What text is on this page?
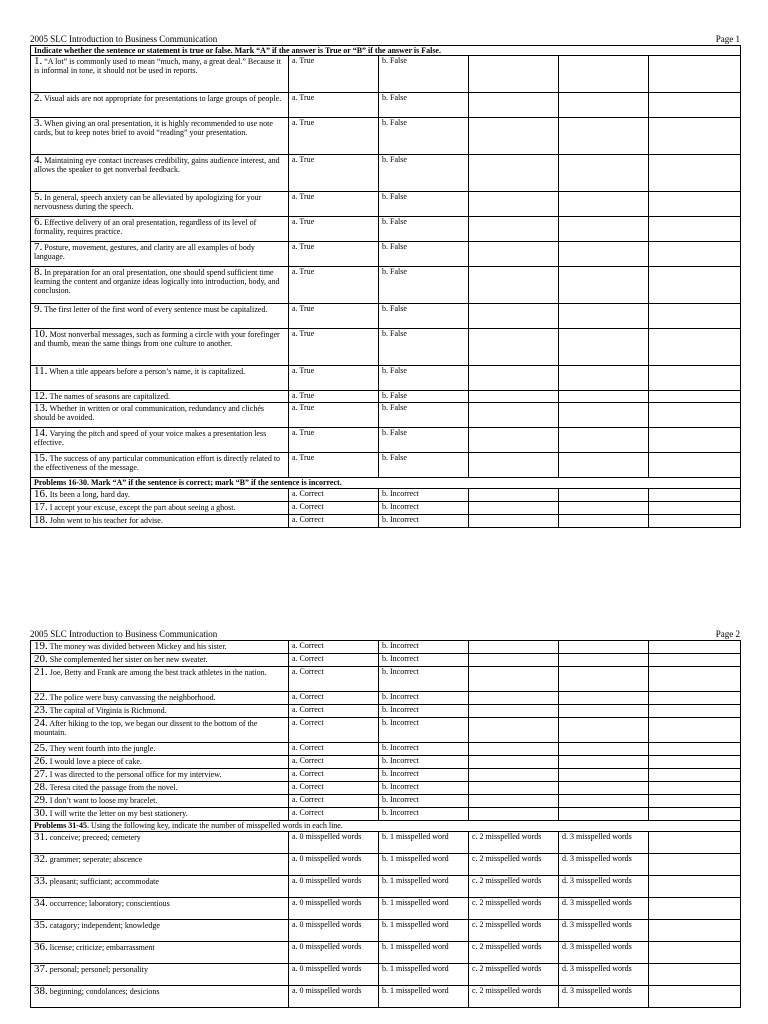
2005 SLC Introduction to Business Communication	Page 1
Indicate whether the sentence or statement is true or false. Mark “A” if the answer is True or “B” if the answer is False.					
1. “A lot” is commonly used to mean “much, many, a great deal.” Because it is informal in tone, it should not be used in reports.	a. True	b. False			
2. Visual aids are not appropriate for presentations to large groups of people.	a. True	b. False			
3. When giving an oral presentation, it is highly recommended to use note cards, but to keep notes brief to avoid “reading” your presentation.	a. True	b. False			
4. Maintaining eye contact increases credibility, gains audience interest, and allows the speaker to get nonverbal feedback.	a. True	b. False			
5. In general, speech anxiety can be alleviated by apologizing for your nervousness during the speech.	a. True	b. False			
6. Effective delivery of an oral presentation, regardless of its level of formality, requires practice.	a. True	b. False			
7. Posture, movement, gestures, and clarity are all examples of body language.	a. True	b. False			
8. In preparation for an oral presentation, one should spend sufficient time learning the content and organize ideas logically into introduction, body, and conclusion.	a. True	b. False			
9. The first letter of the first word of every sentence must be capitalized.	a. True	b. False			
10. Most nonverbal messages, such as forming a circle with your forefinger and thumb, mean the same things from one culture to another.	a. True	b. False			
11. When a title appears before a person’s name, it is capitalized.	a. True	b. False			
12. The names of seasons are capitalized.	a. True	b. False			
13. Whether in written or oral communication, redundancy and clichés should be avoided.	a. True	b. False			
14. Varying the pitch and speed of your voice makes a presentation less effective.	a. True	b. False			
15. The success of any particular communication effort is directly related to the effectiveness of the message.	a. True	b. False			
Problems 16-30. Mark “A” if the sentence is correct; mark “B” if the sentence is incorrect.					
16. Its been a long, hard day.	a. Correct	b. Incorrect			
17. I accept your excuse, except the part about seeing a ghost.	a. Correct	b. Incorrect			
18. John went to his teacher for advise.	a. Correct	b. Incorrect			
2005 SLC Introduction to Business Communication	Page 2
19. The money was divided between Mickey and his sister.	a. Correct	b. Incorrect			
20. She complemented her sister on her new sweater.	a. Correct	b. Incorrect			
21. Joe, Betty and Frank are among the best track athletes in the nation.	a. Correct	b. Incorrect			
22. The police were busy canvassing the neighborhood.	a. Correct	b. Incorrect			
23. The capital of Virginia is Richmond.	a. Correct	b. Incorrect			
24. After hiking to the top, we began our dissent to the bottom of the mountain.	a. Correct	b. Incorrect			
25. They went fourth into the jungle.	a. Correct	b. Incorrect			
26. I would love a piece of cake.	a. Correct	b. Incorrect			
27. I was directed to the personal office for my interview.	a. Correct	b. Incorrect			
28. Teresa cited the passage from the novel.	a. Correct	b. Incorrect			
29. I don’t want to loose my bracelet.	a. Correct	b. Incorrect			
30. I will write the letter on my best stationery.	a. Correct	b. Incorrect			
Problems 31-45. Using the following key, indicate the number of misspelled words in each line.					
31. conceive; preceed; cemetery	a. 0 misspelled words	b. 1 misspelled word	c. 2 misspelled words	d. 3 misspelled words	
32. grammer; seperate; abscence	a. 0 misspelled words	b. 1 misspelled word	c. 2 misspelled words	d. 3 misspelled words	
33. pleasant; sufficiant; accommodate	a. 0 misspelled words	b. 1 misspelled word	c. 2 misspelled words	d. 3 misspelled words	
34. occurrence; laboratory; conscientious	a. 0 misspelled words	b. 1 misspelled word	c. 2 misspelled words	d. 3 misspelled words	
35. catagory; independent; knowledge	a. 0 misspelled words	b. 1 misspelled word	c. 2 misspelled words	d. 3 misspelled words	
36. license; criticize; embarrassment	a. 0 misspelled words	b. 1 misspelled word	c. 2 misspelled words	d. 3 misspelled words	
37. personal; personel; personality	a. 0 misspelled words	b. 1 misspelled word	c. 2 misspelled words	d. 3 misspelled words	
38. beginning; condolances; desicions	a. 0 misspelled words	b. 1 misspelled word	c. 2 misspelled words	d. 3 misspelled words	
